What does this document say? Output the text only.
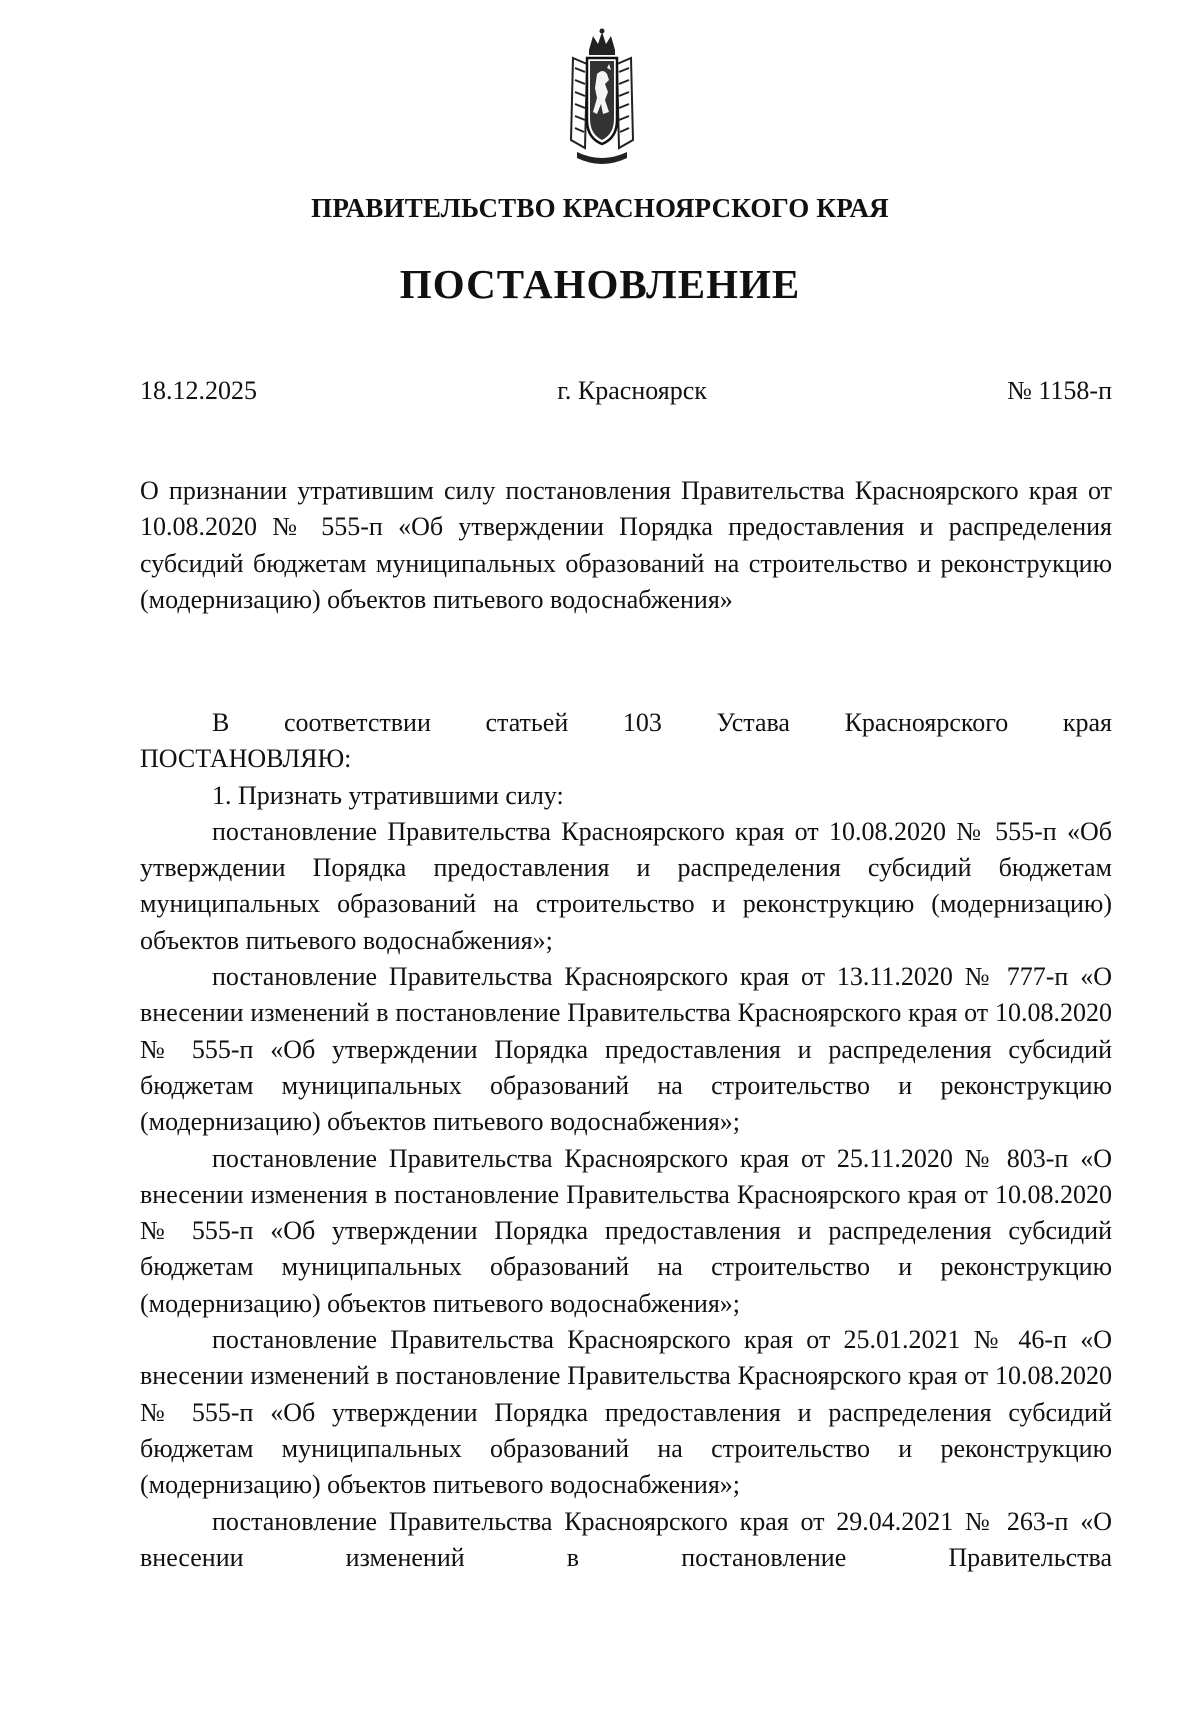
ПРАВИТЕЛЬСТВО КРАСНОЯРСКОГО КРАЯ
ПОСТАНОВЛЕНИЕ
18.12.2025	г. Красноярск	№ 1158-п

О признании утратившим силу постановления Правительства Красноярского края от 10.08.2020 № 555-п «Об утверждении Порядка предоставления и распределения субсидий бюджетам муниципальных образований на строительство и реконструкцию (модернизацию) объектов питьевого водоснабжения»

В соответствии статьей 103 Устава Красноярского края

ПОСТАНОВЛЯЮ:

1. Признать утратившими силу:

постановление Правительства Красноярского края от 10.08.2020 № 555-п «Об утверждении Порядка предоставления и распределения субсидий бюджетам муниципальных образований на строительство и реконструкцию (модернизацию) объектов питьевого водоснабжения»;

постановление Правительства Красноярского края от 13.11.2020 № 777-п «О внесении изменений в постановление Правительства Красноярского края от 10.08.2020 № 555-п «Об утверждении Порядка предоставления и распределения субсидий бюджетам муниципальных образований на строительство и реконструкцию (модернизацию) объектов питьевого водоснабжения»;

постановление Правительства Красноярского края от 25.11.2020 № 803-п «О внесении изменения в постановление Правительства Красноярского края от 10.08.2020 № 555-п «Об утверждении Порядка предоставления и распределения субсидий бюджетам муниципальных образований на строительство и реконструкцию (модернизацию) объектов питьевого водоснабжения»;

постановление Правительства Красноярского края от 25.01.2021 № 46-п «О внесении изменений в постановление Правительства Красноярского края от 10.08.2020 № 555-п «Об утверждении Порядка предоставления и распределения субсидий бюджетам муниципальных образований на строительство и реконструкцию (модернизацию) объектов питьевого водоснабжения»;

постановление Правительства Красноярского края от 29.04.2021 № 263-п «О внесении изменений в постановление Правительства
